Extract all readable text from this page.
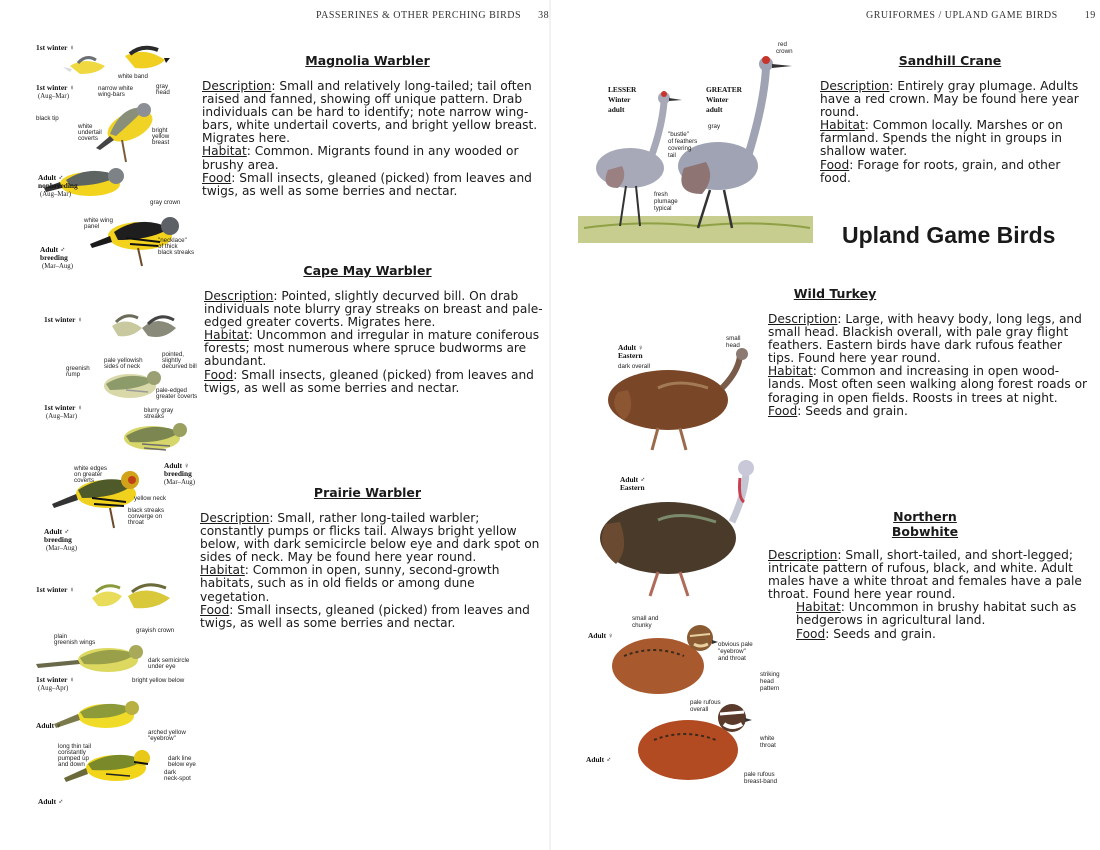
PASSERINES & OTHER PERCHING BIRDS 38
1st winter ♀
white band
1st winter ♀
(Aug–Mar)
narrow white
wing-bars
gray
head
black tip
white
undertail
coverts
bright
yellow
breast
Adult ♂
nonbreeding
(Aug–Mar)
gray crown
white wing
panel
"necklace"
of thick
black streaks
Adult ♂
breeding
(Mar–Aug)
Magnolia Warbler

Description: Small and relatively long-tailed; tail often raised and fanned, showing off unique pattern. Drab individuals can be hard to identify; note narrow wing-bars, white undertail coverts, and bright yellow breast. Migrates here.

Habitat: Common. Migrants found in any wooded or brushy area.

Food: Small insects, gleaned (picked) from leaves and twigs, as well as some berries and nectar.

1st winter ♀
pale yellowish
sides of neck
pointed,
slightly
decurved bill
greenish
rump
pale-edged
greater coverts
1st winter ♀
(Aug–Mar)
blurry gray
streaks
white edges
on greater
coverts
Adult ♀
breeding
(Mar–Aug)
yellow neck
black streaks
converge on
throat
Adult ♂
breeding
(Mar–Aug)
Cape May Warbler

Description: Pointed, slightly decurved bill. On drab individuals note blurry gray streaks on breast and pale-edged greater coverts. Migrates here.

Habitat: Uncommon and irregular in mature coniferous forests; most numerous where spruce budworms are abundant.

Food: Small insects, gleaned (picked) from leaves and twigs, as well as some berries and nectar.

1st winter ♀
grayish crown
plain
greenish wings
dark semicircle
under eye
1st winter ♀
(Aug–Apr)
bright yellow below
Adult ♀
arched yellow
"eyebrow"
long thin tail
constantly
pumped up
and down
dark line
below eye
dark
neck-spot
Adult ♂
Prairie Warbler

Description: Small, rather long-tailed warbler; constantly pumps or flicks tail. Always bright yellow below, with dark semicircle below eye and dark spot on sides of neck. May be found here year round.

Habitat: Common in open, sunny, second-growth habitats, such as in old fields or among dune vegetation.

Food: Small insects, gleaned (picked) from leaves and twigs, as well as some berries and nectar.

GRUIFORMES / UPLAND GAME BIRDS	19
red
crown
LESSER
Winter
adult
GREATER
Winter
adult
gray
"bustle"
of feathers
covering
tail
fresh
plumage
typical
Sandhill Crane

Description: Entirely gray plumage. Adults have a red crown. May be found here year round.

Habitat: Common locally. Marshes or on farmland. Spends the night in groups in shallow water.

Food: Forage for roots, grain, and other food.

Upland Game Birds
small
head
Adult ♀
Eastern
dark overall
Adult ♂
Eastern
Wild Turkey

Description: Large, with heavy body, long legs, and small head. Blackish overall, with pale gray flight feathers. Eastern birds have dark rufous feather tips. Found here year round.

Habitat: Common and increasing in open wood-lands. Most often seen walking along forest roads or foraging in open fields. Roosts in trees at night.

Food: Seeds and grain.

small and
chunky
Adult ♀
obvious pale
"eyebrow"
and throat
striking
head
pattern
pale rufous
overall
white
throat
Adult ♂
pale rufous
breast-band
Northern Bobwhite

Description: Small, short-tailed, and short-legged; intricate pattern of rufous, black, and white. Adult males have a white throat and females have a pale throat. Found here year round.

Habitat: Uncommon in brushy habitat such as hedgerows in agricultural land.

Food: Seeds and grain.
